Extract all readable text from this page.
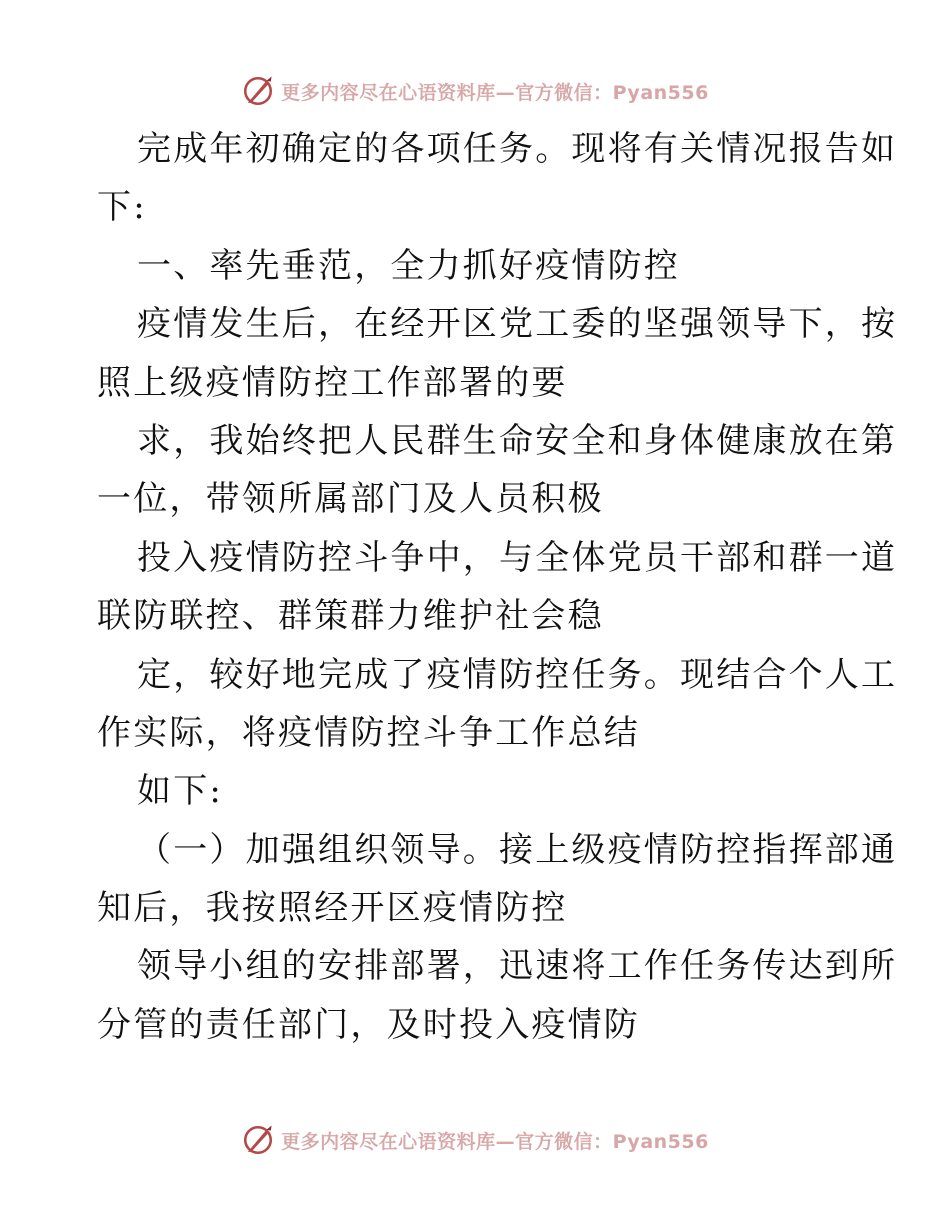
更多内容尽在心语资料库—官方微信：Pyan556
完成年初确定的各项任务。现将有关情况报告如
下:
一、率先垂范，全力抓好疫情防控
疫情发生后，在经开区党工委的坚强领导下，按
照上级疫情防控工作部署的要
求，我始终把人民群生命安全和身体健康放在第
一位，带领所属部门及人员积极
投入疫情防控斗争中，与全体党员干部和群一道
联防联控、群策群力维护社会稳
定，较好地完成了疫情防控任务。现结合个人工
作实际，将疫情防控斗争工作总结
如下:
（一）加强组织领导。接上级疫情防控指挥部通
知后，我按照经开区疫情防控
领导小组的安排部署，迅速将工作任务传达到所
分管的责任部门，及时投入疫情防
更多内容尽在心语资料库—官方微信：Pyan556
